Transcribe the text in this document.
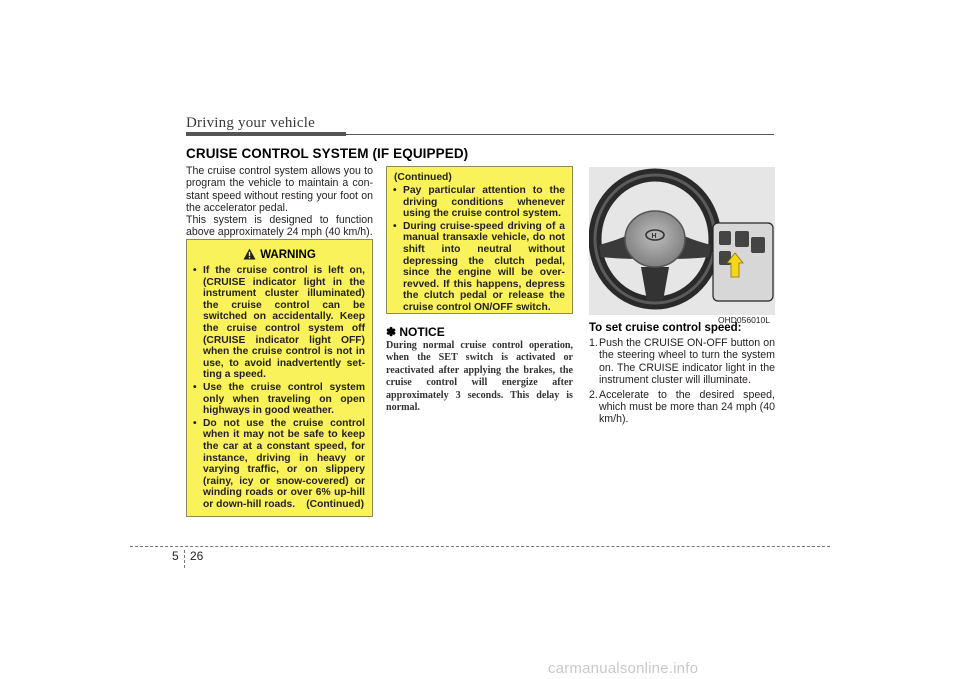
Driving your vehicle
CRUISE CONTROL SYSTEM (IF EQUIPPED)
The cruise control system allows you to program the vehicle to maintain a con-stant speed without resting your foot on the accelerator pedal.
This system is designed to function above approximately 24 mph (40 km/h).
WARNING
• If the cruise control is left on, (CRUISE indicator light in the instrument cluster illuminated) the cruise control can be switched on accidentally. Keep the cruise control system off (CRUISE indicator light OFF) when the cruise control is not in use, to avoid inadvertently set-ting a speed.
• Use the cruise control system only when traveling on open highways in good weather.
• Do not use the cruise control when it may not be safe to keep the car at a constant speed, for instance, driving in heavy or varying traffic, or on slippery (rainy, icy or snow-covered) or winding roads or over 6% up-hill or down-hill roads.	(Continued)
(Continued)
• Pay particular attention to the driving conditions whenever using the cruise control system.
• During cruise-speed driving of a manual transaxle vehicle, do not shift into neutral without depressing the clutch pedal, since the engine will be over-revved. If this happens, depress the clutch pedal or release the cruise control ON/OFF switch.
✽ NOTICE
During normal cruise control operation, when the SET switch is activated or reactivated after applying the brakes, the cruise control will energize after approximately 3 seconds. This delay is normal.
H
OHD056010L
To set cruise control speed:
1. Push the CRUISE ON-OFF button on the steering wheel to turn the system on. The CRUISE indicator light in the instrument cluster will illuminate.
2. Accelerate to the desired speed, which must be more than 24 mph (40 km/h).
5 26
carmanualsonline.info
